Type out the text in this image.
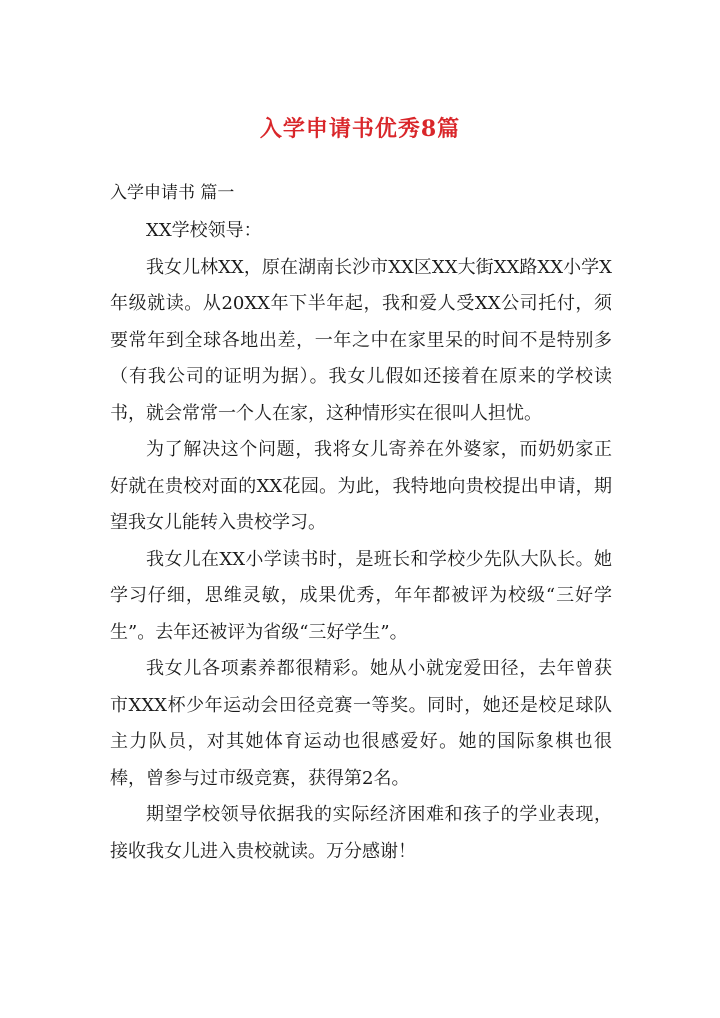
入学申请书优秀8篇
入学申请书 篇一

XX学校领导：

我女儿林XX，原在湖南长沙市XX区XX大街XX路XX小学X年级就读。从20XX年下半年起，我和爱人受XX公司托付，须要常年到全球各地出差，一年之中在家里呆的时间不是特别多（有我公司的证明为据）。我女儿假如还接着在原来的学校读书，就会常常一个人在家，这种情形实在很叫人担忧。

为了解决这个问题，我将女儿寄养在外婆家，而奶奶家正好就在贵校对面的XX花园。为此，我特地向贵校提出申请，期望我女儿能转入贵校学习。

我女儿在XX小学读书时，是班长和学校少先队大队长。她学习仔细，思维灵敏，成果优秀，年年都被评为校级“三好学生”。去年还被评为省级“三好学生”。

我女儿各项素养都很精彩。她从小就宠爱田径，去年曾获市XXX杯少年运动会田径竞赛一等奖。同时，她还是校足球队主力队员，对其她体育运动也很感爱好。她的国际象棋也很棒，曾参与过市级竞赛，获得第2名。

期望学校领导依据我的实际经济困难和孩子的学业表现，接收我女儿进入贵校就读。万分感谢！
